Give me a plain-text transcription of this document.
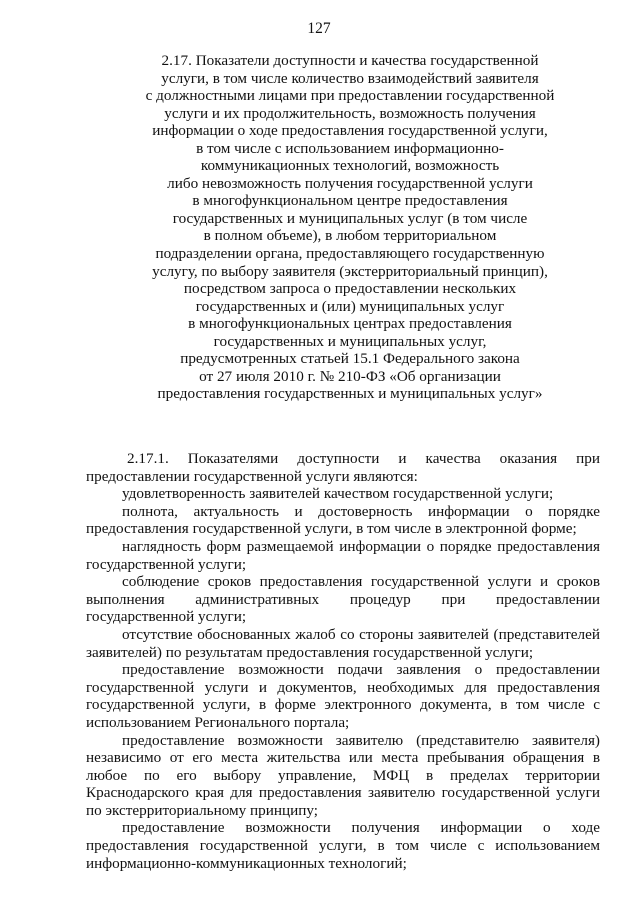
127
2.17. Показатели доступности и качества государственной
услуги, в том числе количество взаимодействий заявителя
с должностными лицами при предоставлении государственной
услуги и их продолжительность, возможность получения
информации о ходе предоставления государственной услуги,
в том числе с использованием информационно-
коммуникационных технологий, возможность
либо невозможность получения государственной услуги
в многофункциональном центре предоставления
государственных и муниципальных услуг (в том числе
в полном объеме), в любом территориальном
подразделении органа, предоставляющего государственную
услугу, по выбору заявителя (экстерриториальный принцип),
посредством запроса о предоставлении нескольких
государственных и (или) муниципальных услуг
в многофункциональных центрах предоставления
государственных и муниципальных услуг,
предусмотренных статьей 15.1 Федерального закона
от 27 июля 2010 г. № 210-ФЗ «Об организации
предоставления государственных и муниципальных услуг»

2.17.1. Показателями доступности и качества оказания при предоставлении государственной услуги являются:

удовлетворенность заявителей качеством государственной услуги;

полнота, актуальность и достоверность информации о порядке предоставления государственной услуги, в том числе в электронной форме;

наглядность форм размещаемой информации о порядке предоставления государственной услуги;

соблюдение сроков предоставления государственной услуги и сроков выполнения административных процедур при предоставлении государственной услуги;

отсутствие обоснованных жалоб со стороны заявителей (представителей заявителей) по результатам предоставления государственной услуги;

предоставление возможности подачи заявления о предоставлении государственной услуги и документов, необходимых для предоставления государственной услуги, в форме электронного документа, в том числе с использованием Регионального портала;

предоставление возможности заявителю (представителю заявителя) независимо от его места жительства или места пребывания обращения в любое по его выбору управление, МФЦ в пределах территории Краснодарского края для предоставления заявителю государственной услуги по экстерриториальному принципу;

предоставление возможности получения информации о ходе предоставления государственной услуги, в том числе с использованием информационно-коммуникационных технологий;
